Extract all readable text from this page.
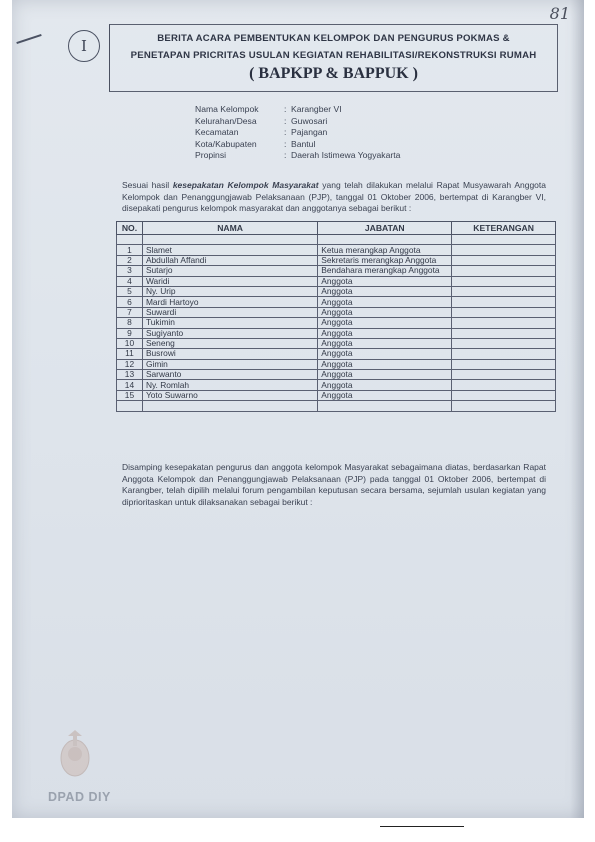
81
I	BERITA ACARA PEMBENTUKAN KELOMPOK DAN PENGURUS POKMAS &
PENETAPAN PRICRITAS USULAN KEGIATAN REHABILITASI/REKONSTRUKSI RUMAH
( BAPKPP & BAPPUK )
Nama Kelompok	: Karangber VI
Kelurahan/Desa	: Guwosari
Kecamatan	: Pajangan
Kota/Kabupaten	: Bantul
Propinsi	: Daerah Istimewa Yogyakarta
Sesuai hasil kesepakatan Kelompok Masyarakat yang telah dilakukan melalui Rapat Musyawarah Anggota Kelompok dan Penanggungjawab Pelaksanaan (PJP), tanggal 01 Oktober 2006, bertempat di Karangber VI, disepakati pengurus kelompok masyarakat dan anggotanya sebagai berikut :
NO.	NAMA	JABATAN	KETERANGAN

1	Slamet	Ketua merangkap Anggota	
2	Abdullah Affandi	Sekretaris merangkap Anggota	
3	Sutarjo	Bendahara merangkap Anggota	
4	Waridi	Anggota	
5	Ny. Urip	Anggota	
6	Mardi Hartoyo	Anggota	
7	Suwardi	Anggota	
8	Tukimin	Anggota	
9	Sugiyanto	Anggota	
10	Seneng	Anggota	
11	Busrowi	Anggota	
12	Gimin	Anggota	
13	Sarwanto	Anggota	
14	Ny. Romlah	Anggota	
15	Yoto Suwarno	Anggota	

Disamping kesepakatan pengurus dan anggota kelompok Masyarakat sebagaimana diatas, berdasarkan Rapat Anggota Kelompok dan Penanggungjawab Pelaksanaan (PJP) pada tanggal 01 Oktober 2006, bertempat di Karangber, telah dipilih melalui forum pengambilan keputusan secara bersama, sejumlah usulan kegiatan yang diprioritaskan untuk dilaksanakan sebagai berikut :
DPAD DIY
